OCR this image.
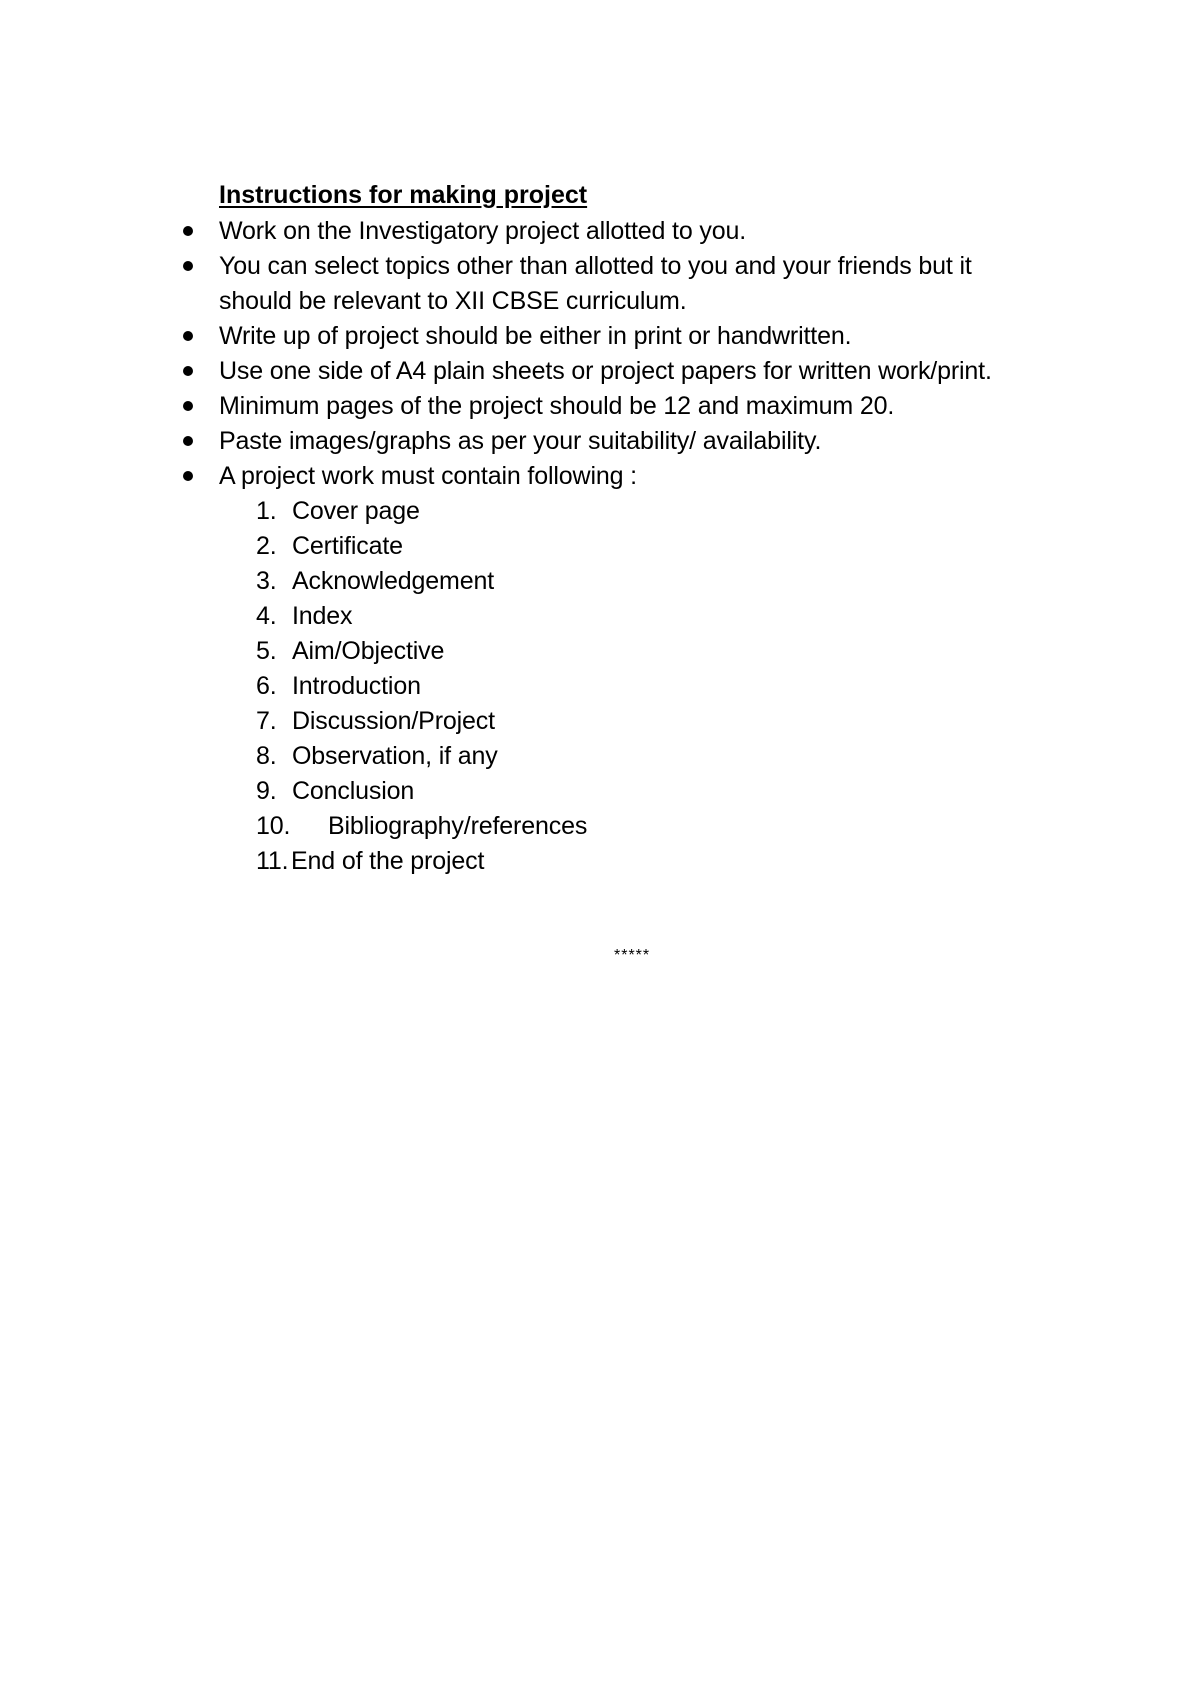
Instructions for making project
Work on the Investigatory project allotted to you.
You can select topics other than allotted to you and your friends but it should be relevant to XII CBSE curriculum.
Write up of project should be either in print or handwritten.
Use one side of A4 plain sheets or project papers for written work/print.
Minimum pages of the project should be 12 and maximum 20.
Paste images/graphs as per your suitability/ availability.
A project work must contain following :
1. Cover page
2. Certificate
3. Acknowledgement
4. Index
5. Aim/Objective
6. Introduction
7. Discussion/Project
8. Observation, if any
9. Conclusion
10. Bibliography/references
11. End of the project
*****
